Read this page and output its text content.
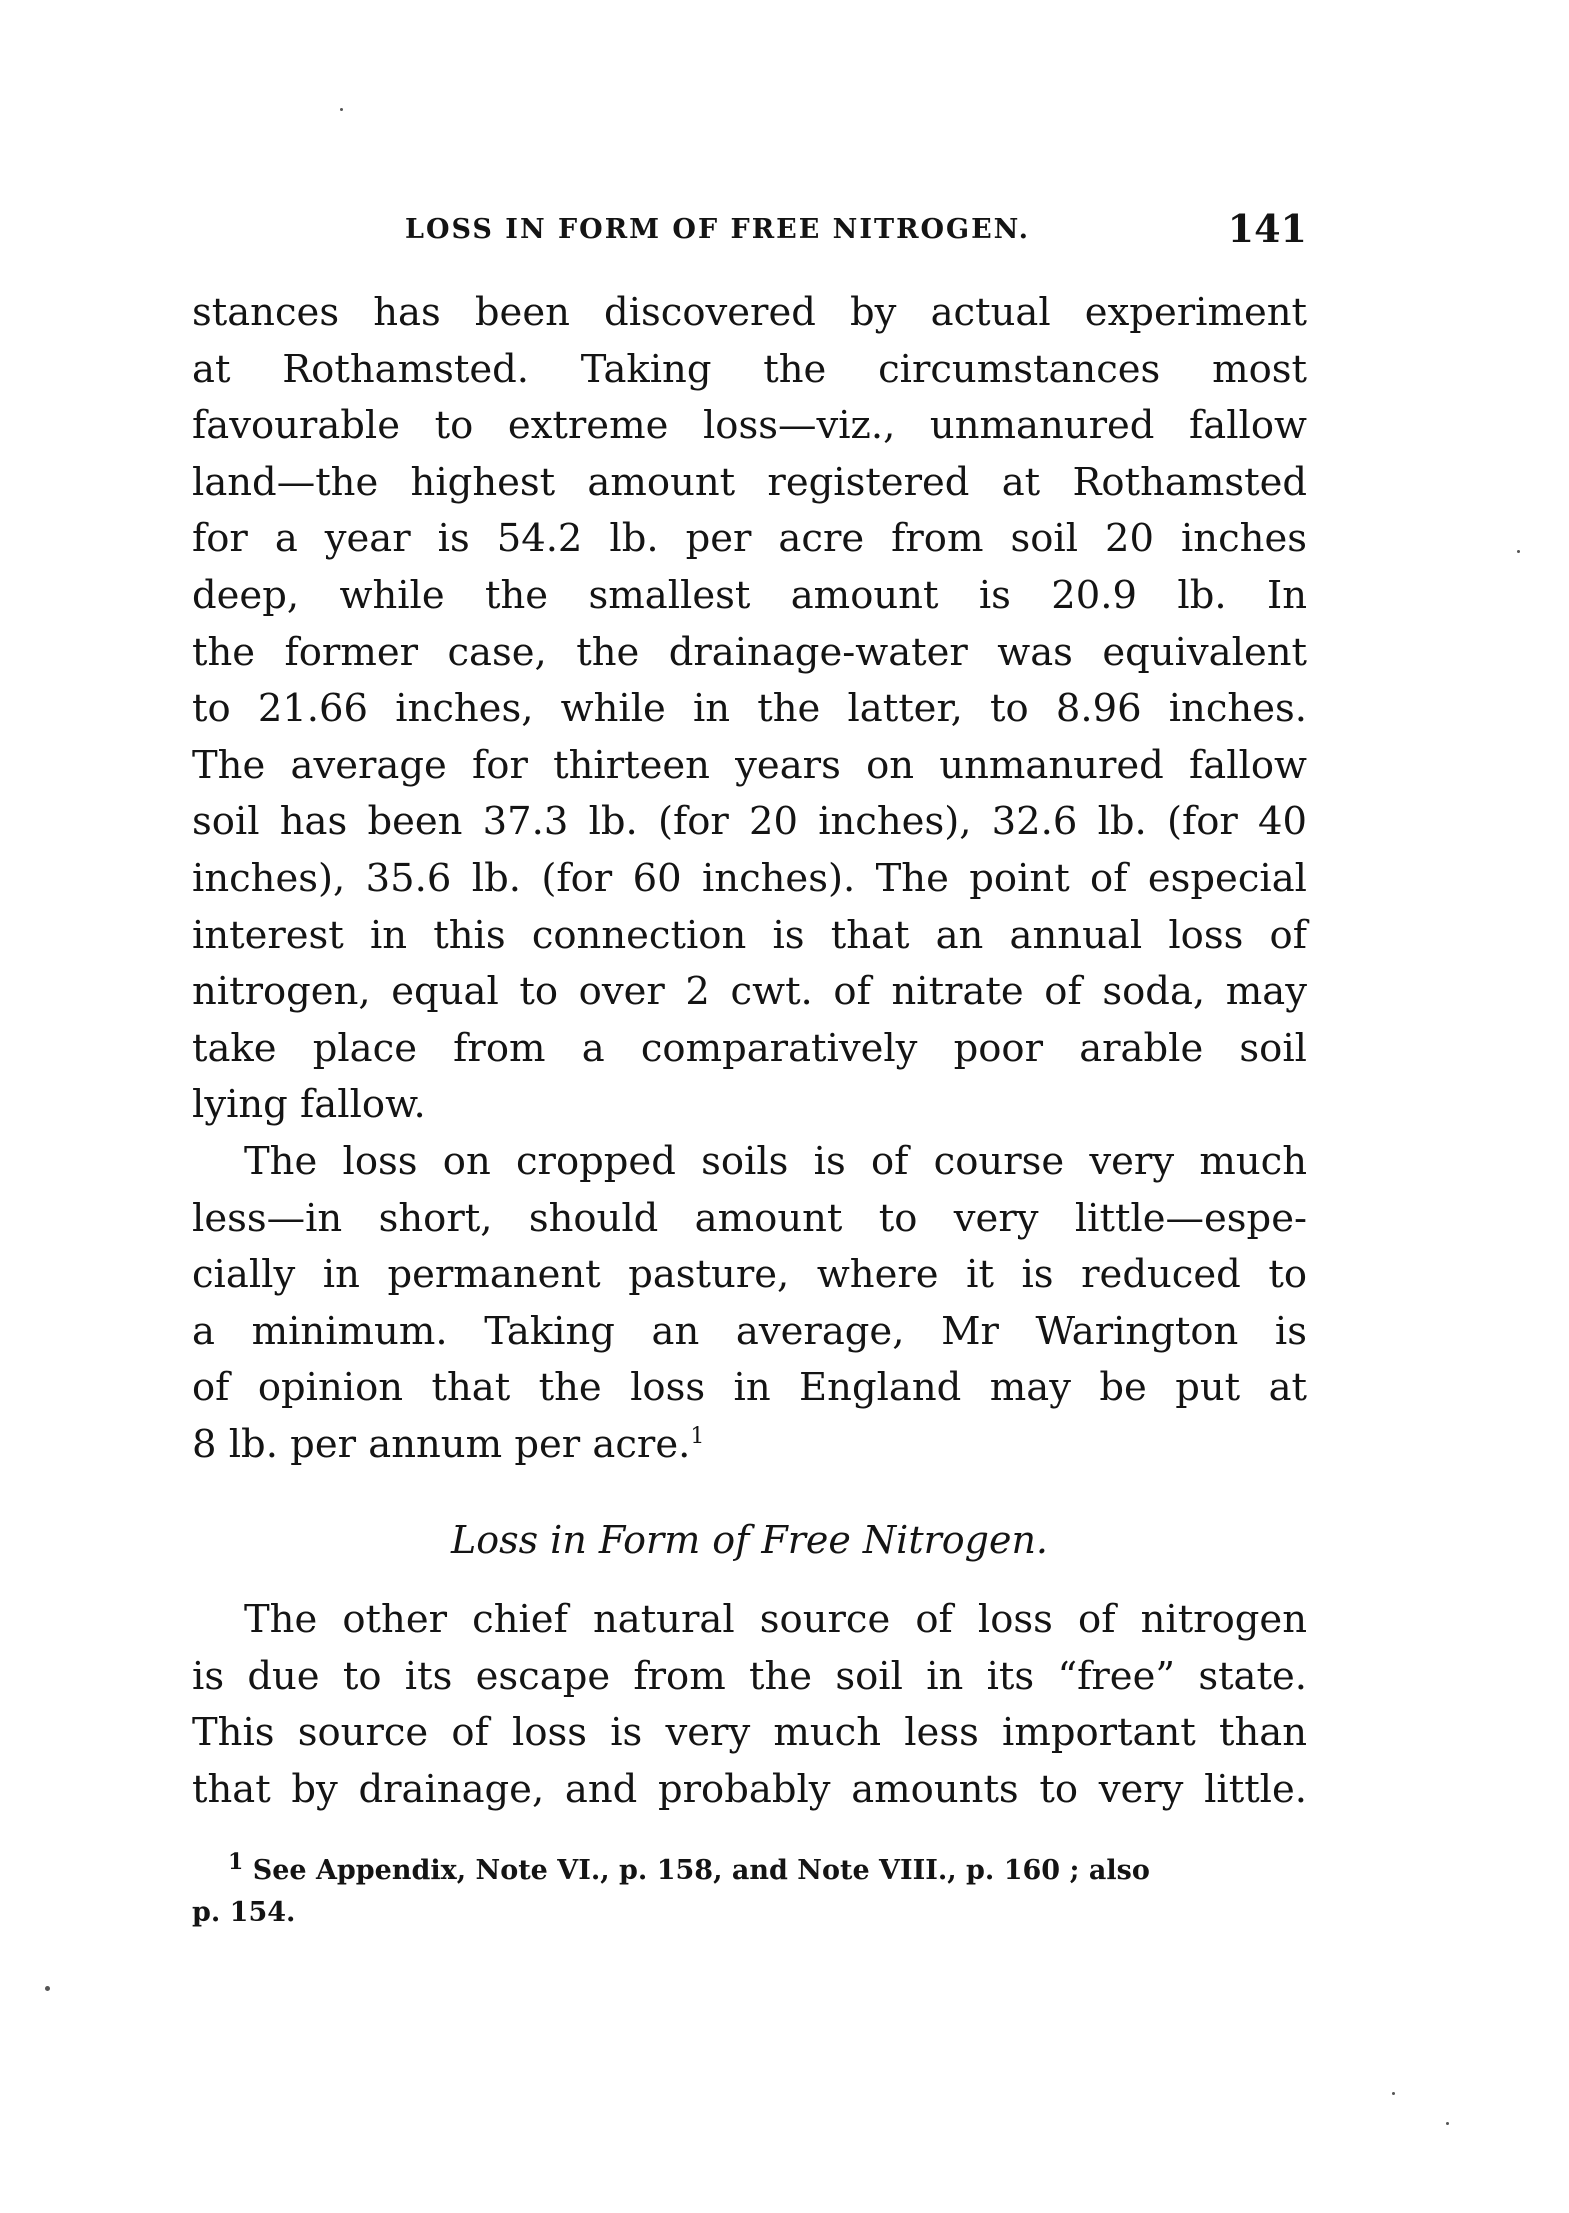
LOSS IN FORM OF FREE NITROGEN.	141
stances has been discovered by actual experiment
at Rothamsted. Taking the circumstances most
favourable to extreme loss—viz., unmanured fallow
land—the highest amount registered at Rothamsted
for a year is 54.2 lb. per acre from soil 20 inches
deep, while the smallest amount is 20.9 lb. In
the former case, the drainage-water was equivalent
to 21.66 inches, while in the latter, to 8.96 inches.
The average for thirteen years on unmanured fallow
soil has been 37.3 lb. (for 20 inches), 32.6 lb. (for 40
inches), 35.6 lb. (for 60 inches). The point of especial
interest in this connection is that an annual loss of
nitrogen, equal to over 2 cwt. of nitrate of soda, may
take place from a comparatively poor arable soil
lying fallow.
The loss on cropped soils is of course very much
less—in short, should amount to very little—espe-
cially in permanent pasture, where it is reduced to
a minimum. Taking an average, Mr Warington is
of opinion that the loss in England may be put at
8 lb. per annum per acre.$^1$
Loss in Form of Free Nitrogen.
The other chief natural source of loss of nitrogen
is due to its escape from the soil in its “free” state.
This source of loss is very much less important than
that by drainage, and probably amounts to very little.
$^1$ See Appendix, Note VI., p. 158, and Note VIII., p. 160 ; also
p. 154.
